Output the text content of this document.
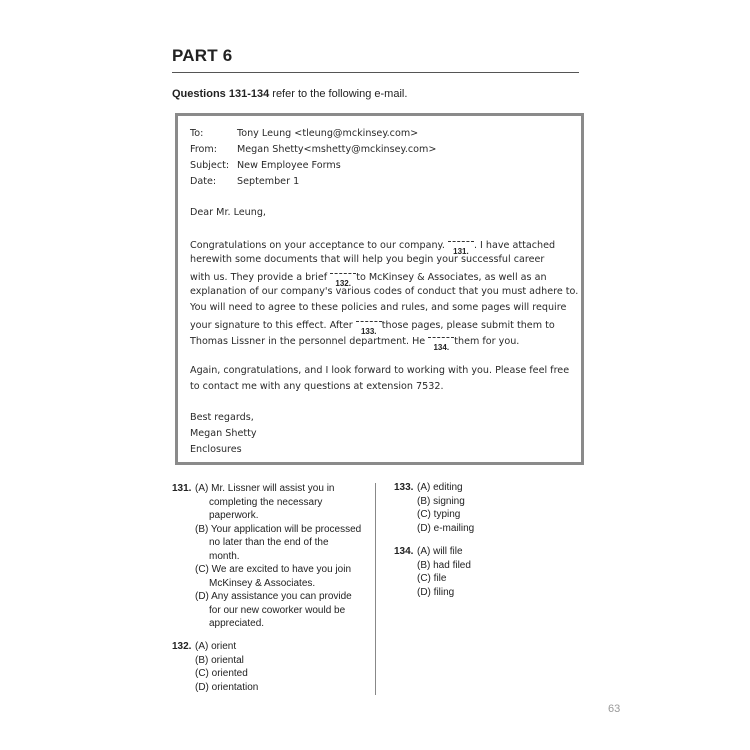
PART 6
Questions 131-134 refer to the following e-mail.
To:	Tony Leung <tleung@mckinsey.com>
From: Megan Shetty<mshetty@mckinsey.com>
Subject: New Employee Forms
Date: September 1
Dear Mr. Leung,
Congratulations on your acceptance to our company.
131.
. I have attached
herewith some documents that will help you begin your successful career
with us. They provide a brief
132.
to McKinsey & Associates, as well as an
explanation of our company's various codes of conduct that you must adhere to.
You will need to agree to these policies and rules, and some pages will require
your signature to this effect. After
133.
those pages, please submit them to
Thomas Lissner in the personnel department. He
134.
them for you.
Again, congratulations, and I look forward to working with you. Please feel free
to contact me with any questions at extension 7532.
Best regards,
Megan Shetty
Enclosures
131. (A) Mr. Lissner will assist you in
completing the necessary
paperwork.
(B) Your application will be processed
no later than the end of the
month.
(C) We are excited to have you join
McKinsey & Associates.
(D) Any assistance you can provide
for our new coworker would be
appreciated.
132. (A) orient
(B) oriental
(C) oriented
(D) orientation
133. (A) editing
(B) signing
(C) typing
(D) e-mailing
134. (A) will file
(B) had filed
(C) file
(D) filing
63
